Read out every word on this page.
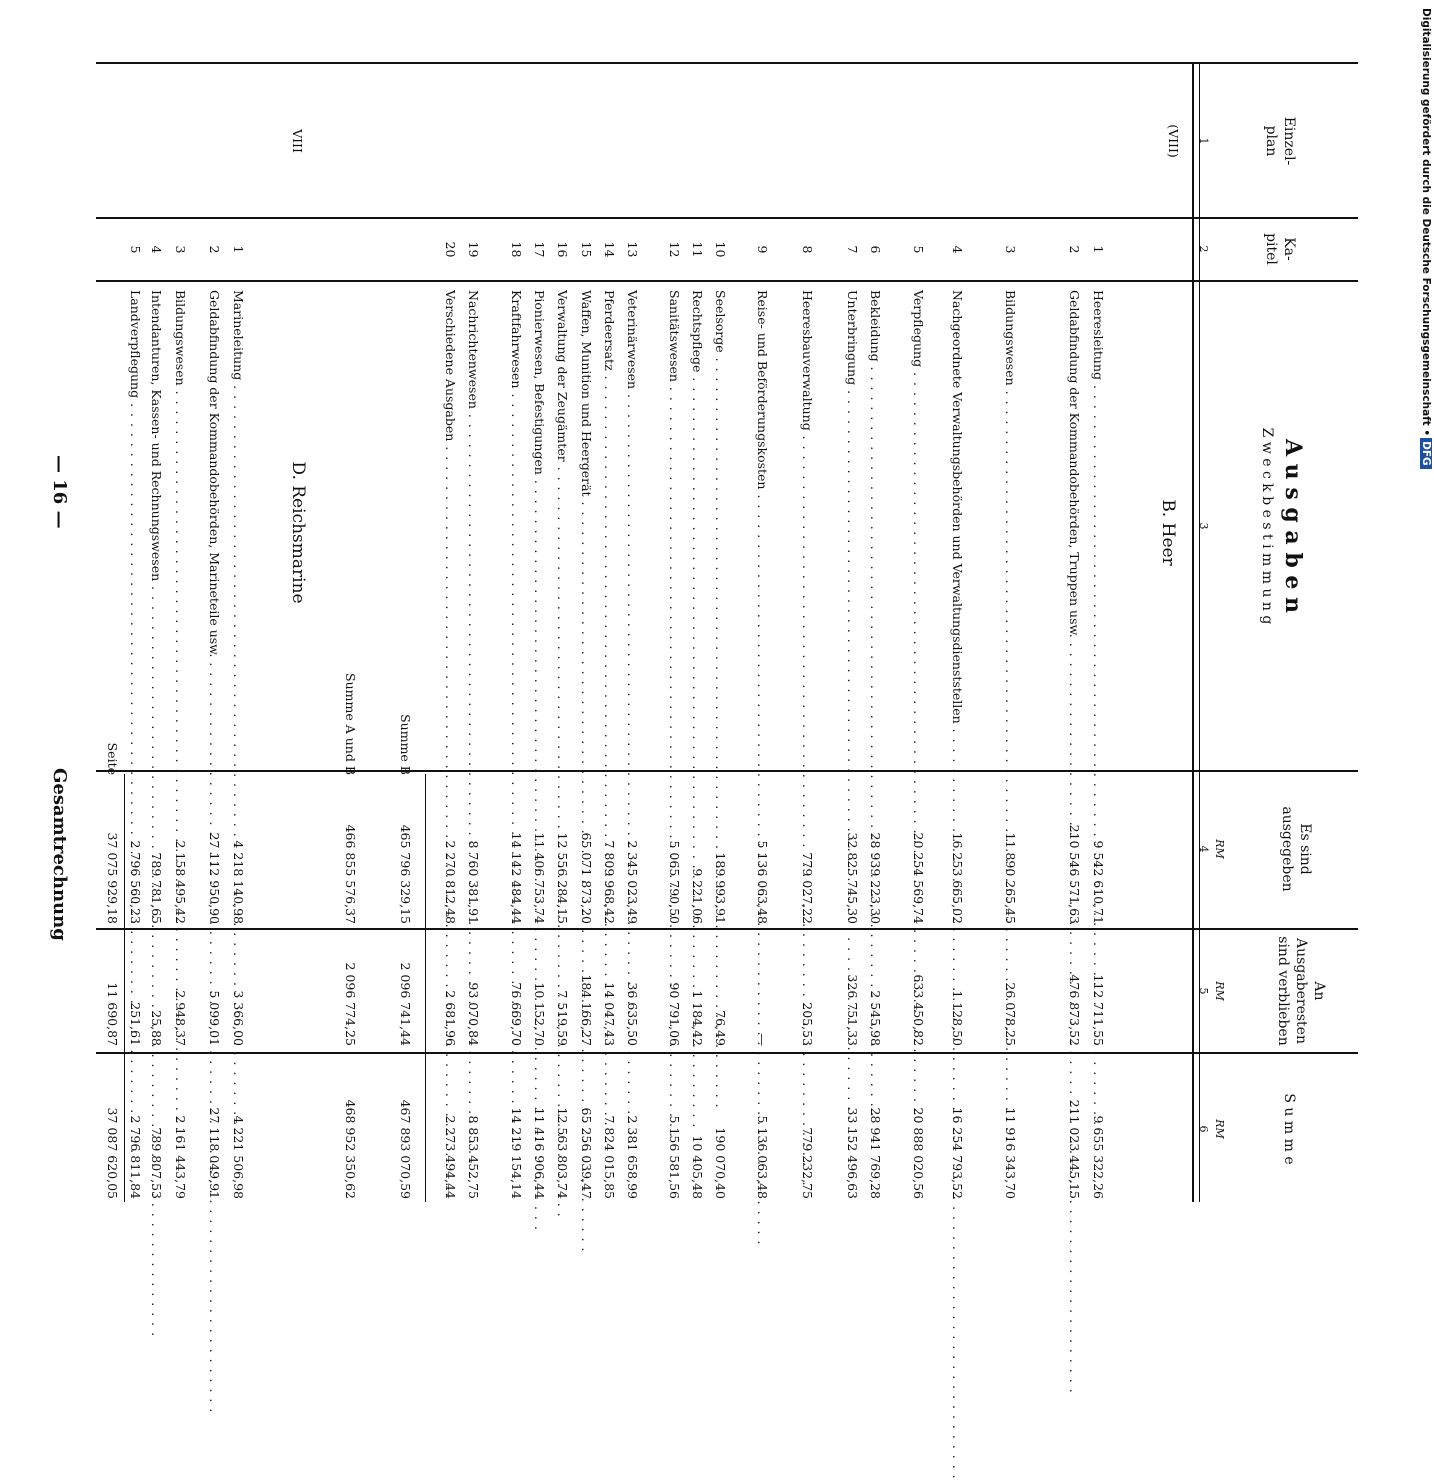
Gesamtrechnung
— 16 —
Digitalisierung gefördert durch die Deutsche Forschungsgemeinschaft •DFG
Einzel-
plan
Ka-
pitel
A u s g a b e n
Z w e c k b e s t i m m u n g
Es sind
ausgegeben
An
Ausgaberesten
sind verblieben
S u m m e
RM
RM
RM
1
2
3
4
5
6
(VIII)
B. Heer
1
Heeresleitung . . .
9 542 610,71
112 711,55
9 655 322,26
2
Geldabfindung der Kommandobehörden, Truppen usw. . . .
210 546 571,63
476 873,52
211 023 445,15
3
Bildungswesen . . .
11 890 265,45
26 078,25
11 916 343,70
4
Nachgeordnete Verwaltungsbehörden und Verwaltungsdienststellen . . .
16 253 665,02
1 128,50
16 254 793,52
5
Verpflegung . . .
20 254 569,74
633 450,82
20 888 020,56
6
Bekleidung . . .
28 939 223,30
2 545,98
28 941 769,28
7
Unterbringung . . .
32 825 745,30
326 751,33
33 152 496,63
8
Heeresbauverwaltung . . .
779 027,22
205,53
779 232,75
9
Reise- und Beförderungskosten . . .
5 136 063,48
—
5 136 063,48
10
Seelsorge . . .
189 993,91
76,49
190 070,40
11
Rechtspflege . . .
9 221,06
1 184,42
10 405,48
12
Sanitätswesen . . .
5 065 790,50
90 791,06
5 156 581,56
13
Veterinärwesen . . .
2 345 023,49
36 635,50
2 381 658,99
14
Pferdeersatz . . .
7 809 968,42
14 047,43
7 824 015,85
15
Waffen, Munition und Heergerät . . .
65 071 873,20
184 166,27
65 256 039,47
16
Verwaltung der Zeugämter . . .
12 556 284,15
7 519,59
12 563 803,74
17
Pionierwesen, Befestigungen . . .
11 406 753,74
10 152,70
11 416 906,44
18
Kraftfahrwesen . . .
14 142 484,44
76 669,70
14 219 154,14
19
Nachrichtenwesen . . .
8 760 381,91
93 070,84
8 853 452,75
20
Verschiedene Ausgaben . . .
2 270 812,48
2 681,96
2 273 494,44
Summe B
465 796 329,15
2 096 741,44
467 893 070,59
Summe A und B
466 855 576,37
2 096 774,25
468 952 350,62
VIII
D. Reichsmarine
1
Marineleitung . . .
4 218 140,98
3 366,00
4 221 506,98
2
Geldabfindung der Kommandobehörden, Marineteile usw. . . .
27 112 950,90
5 099,01
27 118 049,91
3
Bildungswesen . . .
2 158 495,42
2 948,37
2 161 443,79
4
Intendanturen, Kassen- und Rechnungswesen . . .
789 781,65
25,88
789 807,53
5
Landverpflegung . . .
2 796 560,23
251,61
2 796 811,84
Seite
37 075 929,18
11 690,87
37 087 620,05
